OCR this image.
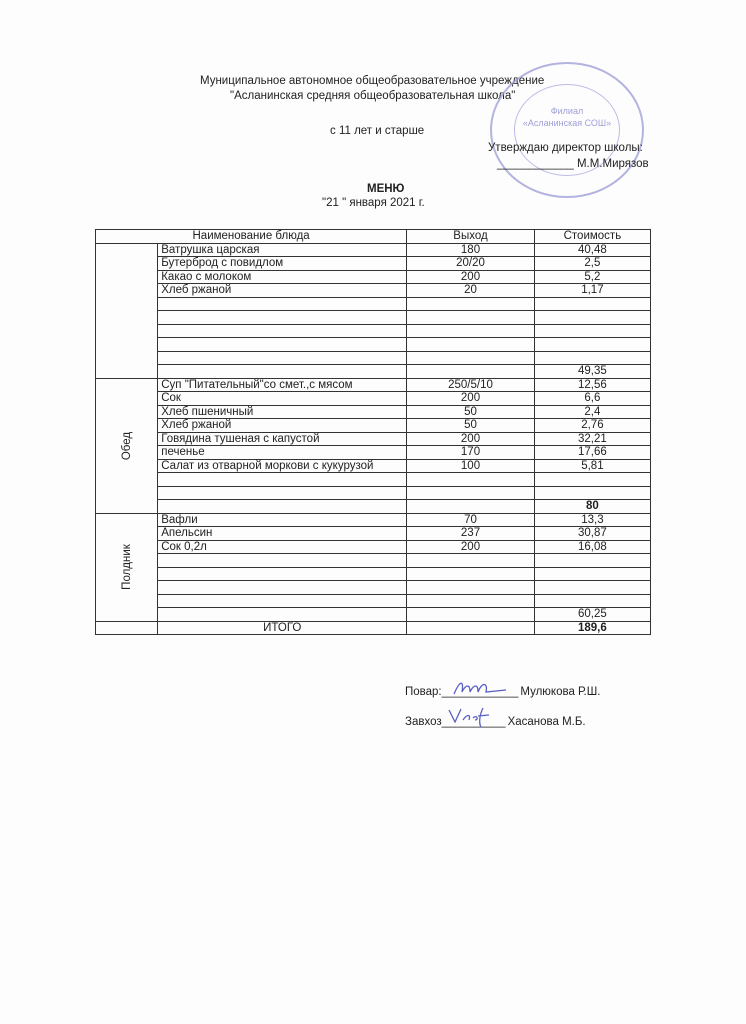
Муниципальное автономное общеобразовательное учреждение
"Асланинская средняя общеобразовательная школа"
с 11 лет и старше
Филиал
«Асланинская СОШ»
Утверждаю директор школы:
____________ М.М.Мирязов
МЕНЮ
"21 " января 2021 г.
Наименование блюда		Выход	Стоимость

	Ватрушка царская	180	40,48
	Бутерброд с повидлом	20/20	2,5
	Какао с молоком	200	5,2
	Хлеб ржаной	20	1,17

			49,35

Обед	Суп "Питательный"со смет.,с мясом	250/5/10	12,56
	Сок	200	6,6
	Хлеб пшеничный	50	2,4
	Хлеб ржаной	50	2,76
	Говядина тушеная с капустой	200	32,21
	печенье	170	17,66
	Салат из отварной моркови с кукурузой	100	5,81

			80

Полдник	Вафли	70	13,3
	Апельсин	237	30,87
	Сок 0,2л	200	16,08

			60,25
	ИТОГО		189,6
Повар:____________ Мулюкова Р.Ш.
Завхоз__________ Хасанова М.Б.
